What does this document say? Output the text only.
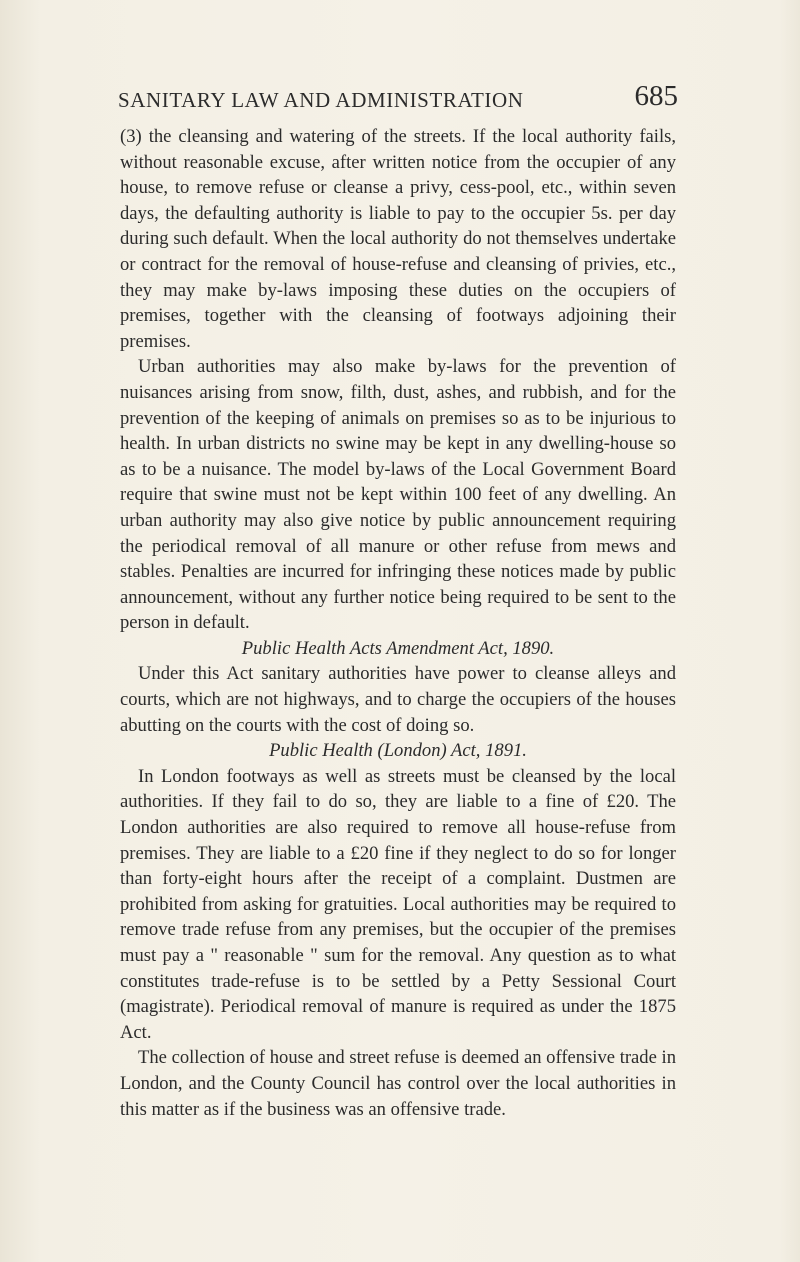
SANITARY LAW AND ADMINISTRATION	685

(3) the cleansing and watering of the streets. If the local authority fails, without reasonable excuse, after written notice from the occupier of any house, to remove refuse or cleanse a privy, cess-pool, etc., within seven days, the defaulting authority is liable to pay to the occupier 5s. per day during such default. When the local authority do not themselves undertake or contract for the removal of house-refuse and cleansing of privies, etc., they may make by-laws imposing these duties on the occupiers of premises, together with the cleansing of footways adjoining their premises.

Urban authorities may also make by-laws for the prevention of nuisances arising from snow, filth, dust, ashes, and rubbish, and for the prevention of the keeping of animals on premises so as to be injurious to health. In urban districts no swine may be kept in any dwelling-house so as to be a nuisance. The model by-laws of the Local Government Board require that swine must not be kept within 100 feet of any dwelling. An urban authority may also give notice by public announcement requiring the periodical removal of all manure or other refuse from mews and stables. Penalties are incurred for infringing these notices made by public announcement, without any further notice being required to be sent to the person in default.

Public Health Acts Amendment Act, 1890.

Under this Act sanitary authorities have power to cleanse alleys and courts, which are not highways, and to charge the occupiers of the houses abutting on the courts with the cost of doing so.

Public Health (London) Act, 1891.

In London footways as well as streets must be cleansed by the local authorities. If they fail to do so, they are liable to a fine of £20. The London authorities are also required to remove all house-refuse from premises. They are liable to a £20 fine if they neglect to do so for longer than forty-eight hours after the receipt of a complaint. Dustmen are prohibited from asking for gratuities. Local authorities may be required to remove trade refuse from any premises, but the occupier of the premises must pay a " reasonable " sum for the removal. Any question as to what constitutes trade-refuse is to be settled by a Petty Sessional Court (magistrate). Periodical removal of manure is required as under the 1875 Act.

The collection of house and street refuse is deemed an offensive trade in London, and the County Council has control over the local authorities in this matter as if the business was an offensive trade.
